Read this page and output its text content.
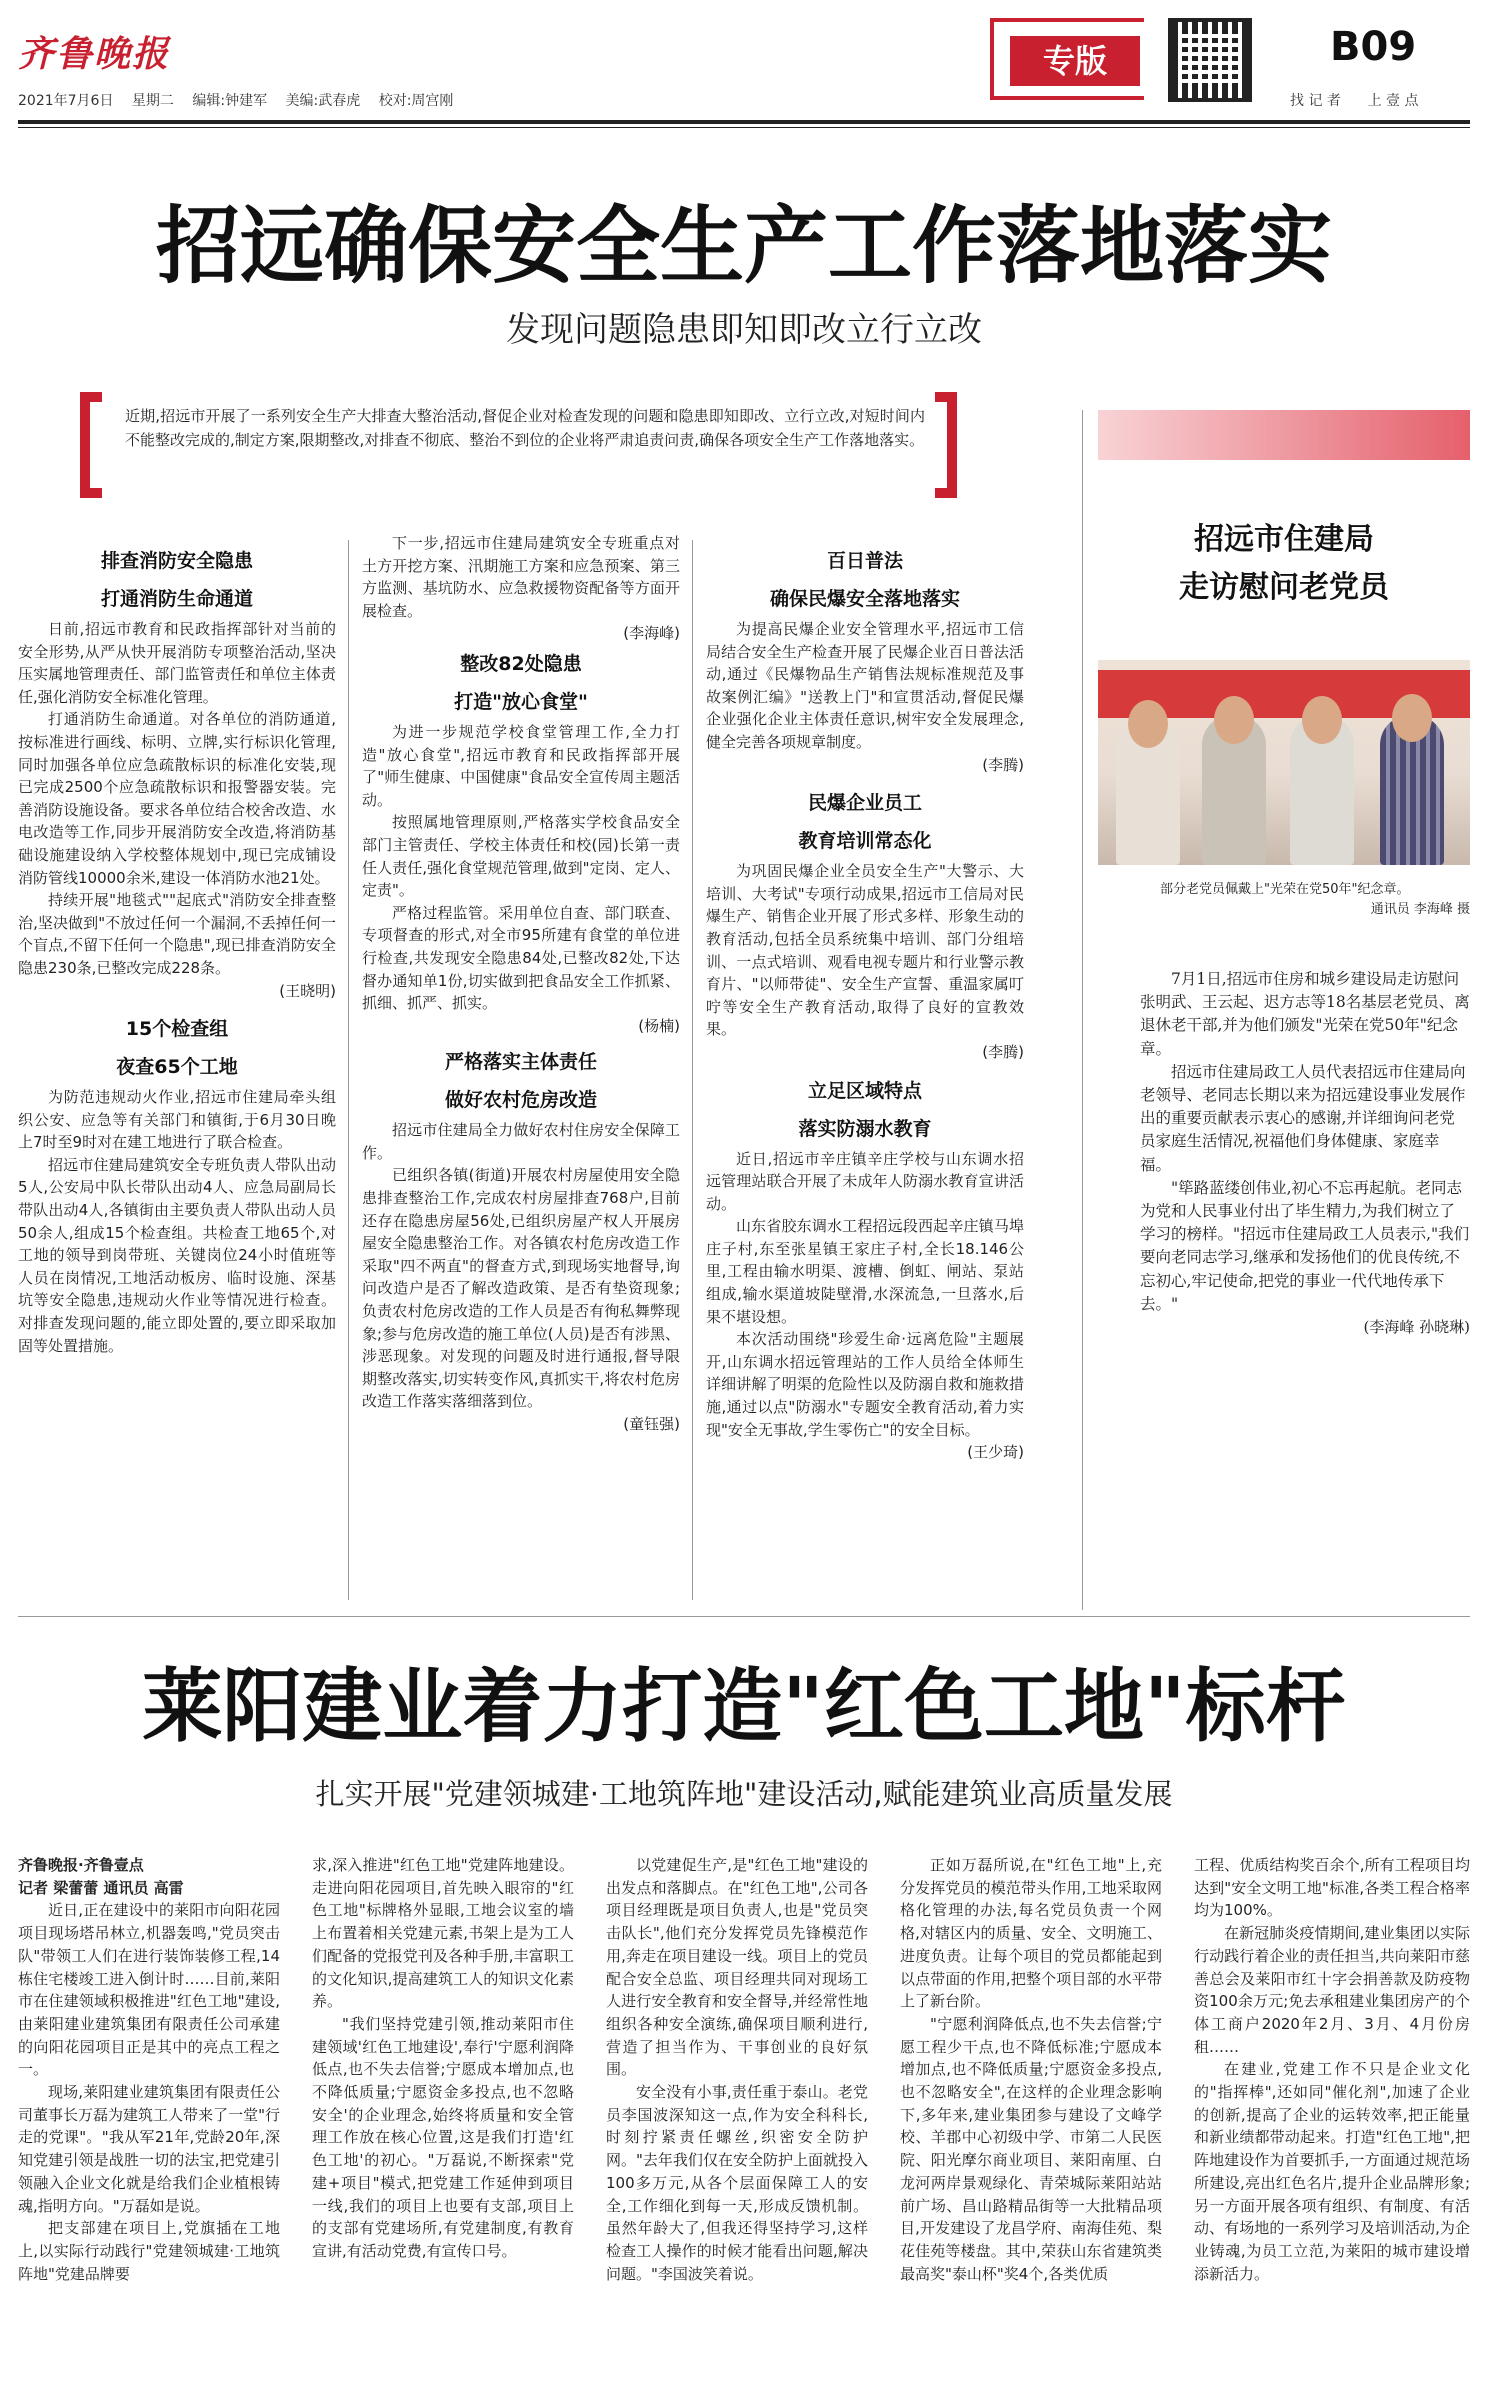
齐鲁晚报
2021年7月6日 星期二 编辑:钟建军 美编:武春虎 校对:周宫刚
专版	B09
找 记 者 上 壹 点
招远确保安全生产工作落地落实
发现问题隐患即知即改立行立改
近期,招远市开展了一系列安全生产大排查大整治活动,督促企业对检查发现的问题和隐患即知即改、立行立改,对短时间内不能整改完成的,制定方案,限期整改,对排查不彻底、整治不到位的企业将严肃追责问责,确保各项安全生产工作落地落实。

排查消防安全隐患

打通消防生命通道

日前,招远市教育和民政指挥部针对当前的安全形势,从严从快开展消防专项整治活动,坚决压实属地管理责任、部门监管责任和单位主体责任,强化消防安全标准化管理。

打通消防生命通道。对各单位的消防通道,按标准进行画线、标明、立牌,实行标识化管理,同时加强各单位应急疏散标识的标准化安装,现已完成2500个应急疏散标识和报警器安装。完善消防设施设备。要求各单位结合校舍改造、水电改造等工作,同步开展消防安全改造,将消防基础设施建设纳入学校整体规划中,现已完成铺设消防管线10000余米,建设一体消防水池21处。

持续开展"地毯式""起底式"消防安全排查整治,坚决做到"不放过任何一个漏洞,不丢掉任何一个盲点,不留下任何一个隐患",现已排查消防安全隐患230条,已整改完成228条。

(王晓明)

15个检查组

夜查65个工地

为防范违规动火作业,招远市住建局牵头组织公安、应急等有关部门和镇街,于6月30日晚上7时至9时对在建工地进行了联合检查。

招远市住建局建筑安全专班负责人带队出动5人,公安局中队长带队出动4人、应急局副局长带队出动4人,各镇街由主要负责人带队出动人员50余人,组成15个检查组。共检查工地65个,对工地的领导到岗带班、关键岗位24小时值班等人员在岗情况,工地活动板房、临时设施、深基坑等安全隐患,违规动火作业等情况进行检查。对排查发现问题的,能立即处置的,要立即采取加固等处置措施。

下一步,招远市住建局建筑安全专班重点对土方开挖方案、汛期施工方案和应急预案、第三方监测、基坑防水、应急救援物资配备等方面开展检查。

(李海峰)

整改82处隐患

打造"放心食堂"

为进一步规范学校食堂管理工作,全力打造"放心食堂",招远市教育和民政指挥部开展了"师生健康、中国健康"食品安全宣传周主题活动。

按照属地管理原则,严格落实学校食品安全部门主管责任、学校主体责任和校(园)长第一责任人责任,强化食堂规范管理,做到"定岗、定人、定责"。

严格过程监管。采用单位自查、部门联查、专项督查的形式,对全市95所建有食堂的单位进行检查,共发现安全隐患84处,已整改82处,下达督办通知单1份,切实做到把食品安全工作抓紧、抓细、抓严、抓实。

(杨楠)

严格落实主体责任

做好农村危房改造

招远市住建局全力做好农村住房安全保障工作。

已组织各镇(街道)开展农村房屋使用安全隐患排查整治工作,完成农村房屋排查768户,目前还存在隐患房屋56处,已组织房屋产权人开展房屋安全隐患整治工作。对各镇农村危房改造工作采取"四不两直"的督查方式,到现场实地督导,询问改造户是否了解改造政策、是否有垫资现象;负责农村危房改造的工作人员是否有徇私舞弊现象;参与危房改造的施工单位(人员)是否有涉黑、涉恶现象。对发现的问题及时进行通报,督导限期整改落实,切实转变作风,真抓实干,将农村危房改造工作落实落细落到位。

(童钰强)

百日普法

确保民爆安全落地落实

为提高民爆企业安全管理水平,招远市工信局结合安全生产检查开展了民爆企业百日普法活动,通过《民爆物品生产销售法规标准规范及事故案例汇编》"送教上门"和宣贯活动,督促民爆企业强化企业主体责任意识,树牢安全发展理念,健全完善各项规章制度。

(李腾)

民爆企业员工

教育培训常态化

为巩固民爆企业全员安全生产"大警示、大培训、大考试"专项行动成果,招远市工信局对民爆生产、销售企业开展了形式多样、形象生动的教育活动,包括全员系统集中培训、部门分组培训、一点式培训、观看电视专题片和行业警示教育片、"以师带徒"、安全生产宣誓、重温家属叮咛等安全生产教育活动,取得了良好的宣教效果。

(李腾)

立足区域特点

落实防溺水教育

近日,招远市辛庄镇辛庄学校与山东调水招远管理站联合开展了未成年人防溺水教育宣讲活动。

山东省胶东调水工程招远段西起辛庄镇马埠庄子村,东至张星镇王家庄子村,全长18.146公里,工程由输水明渠、渡槽、倒虹、闸站、泵站组成,输水渠道坡陡壁滑,水深流急,一旦落水,后果不堪设想。

本次活动围绕"珍爱生命·远离危险"主题展开,山东调水招远管理站的工作人员给全体师生详细讲解了明渠的危险性以及防溺自救和施救措施,通过以点"防溺水"专题安全教育活动,着力实现"安全无事故,学生零伤亡"的安全目标。

(王少琦)

招远市住建局
走访慰问老党员
部分老党员佩戴上"光荣在党50年"纪念章。
通讯员 李海峰 摄

7月1日,招远市住房和城乡建设局走访慰问张明武、王云起、迟方志等18名基层老党员、离退休老干部,并为他们颁发"光荣在党50年"纪念章。

招远市住建局政工人员代表招远市住建局向老领导、老同志长期以来为招远建设事业发展作出的重要贡献表示衷心的感谢,并详细询问老党员家庭生活情况,祝福他们身体健康、家庭幸福。

"筚路蓝缕创伟业,初心不忘再起航。老同志为党和人民事业付出了毕生精力,为我们树立了学习的榜样。"招远市住建局政工人员表示,"我们要向老同志学习,继承和发扬他们的优良传统,不忘初心,牢记使命,把党的事业一代代地传承下去。"

(李海峰 孙晓琳)

莱阳建业着力打造"红色工地"标杆
扎实开展"党建领城建·工地筑阵地"建设活动,赋能建筑业高质量发展

齐鲁晚报·齐鲁壹点

记者 梁蕾蕾 通讯员 高雷

近日,正在建设中的莱阳市向阳花园项目现场塔吊林立,机器轰鸣,"党员突击队"带领工人们在进行装饰装修工程,14栋住宅楼竣工进入倒计时……目前,莱阳市在住建领域积极推进"红色工地"建设,由莱阳建业建筑集团有限责任公司承建的向阳花园项目正是其中的亮点工程之一。

现场,莱阳建业建筑集团有限责任公司董事长万磊为建筑工人带来了一堂"行走的党课"。"我从军21年,党龄20年,深知党建引领是战胜一切的法宝,把党建引领融入企业文化就是给我们企业植根铸魂,指明方向。"万磊如是说。

把支部建在项目上,党旗插在工地上,以实际行动践行"党建领城建·工地筑阵地"党建品牌要

求,深入推进"红色工地"党建阵地建设。走进向阳花园项目,首先映入眼帘的"红色工地"标牌格外显眼,工地会议室的墙上布置着相关党建元素,书架上是为工人们配备的党报党刊及各种手册,丰富职工的文化知识,提高建筑工人的知识文化素养。

"我们坚持党建引领,推动莱阳市住建领域'红色工地建设',奉行'宁愿利润降低点,也不失去信誉;宁愿成本增加点,也不降低质量;宁愿资金多投点,也不忽略安全'的企业理念,始终将质量和安全管理工作放在核心位置,这是我们打造'红色工地'的初心。"万磊说,不断探索"党建+项目"模式,把党建工作延伸到项目一线,我们的项目上也要有支部,项目上的支部有党建场所,有党建制度,有教育宣讲,有活动党费,有宣传口号。

以党建促生产,是"红色工地"建设的出发点和落脚点。在"红色工地",公司各项目经理既是项目负责人,也是"党员突击队长",他们充分发挥党员先锋模范作用,奔走在项目建设一线。项目上的党员配合安全总监、项目经理共同对现场工人进行安全教育和安全督导,并经常性地组织各种安全演练,确保项目顺利进行,营造了担当作为、干事创业的良好氛围。

安全没有小事,责任重于泰山。老党员李国波深知这一点,作为安全科科长,时刻拧紧责任螺丝,织密安全防护网。"去年我们仅在安全防护上面就投入100多万元,从各个层面保障工人的安全,工作细化到每一天,形成反馈机制。虽然年龄大了,但我还得坚持学习,这样检查工人操作的时候才能看出问题,解决问题。"李国波笑着说。

正如万磊所说,在"红色工地"上,充分发挥党员的模范带头作用,工地采取网格化管理的办法,每名党员负责一个网格,对辖区内的质量、安全、文明施工、进度负责。让每个项目的党员都能起到以点带面的作用,把整个项目部的水平带上了新台阶。

"宁愿利润降低点,也不失去信誉;宁愿工程少干点,也不降低标准;宁愿成本增加点,也不降低质量;宁愿资金多投点,也不忽略安全",在这样的企业理念影响下,多年来,建业集团参与建设了文峰学校、羊郡中心初级中学、市第二人民医院、阳光摩尔商业项目、莱阳南厘、白龙河两岸景观绿化、青荣城际莱阳站站前广场、昌山路精品街等一大批精品项目,开发建设了龙昌学府、南海佳苑、梨花佳苑等楼盘。其中,荣获山东省建筑类最高奖"泰山杯"奖4个,各类优质

工程、优质结构奖百余个,所有工程项目均达到"安全文明工地"标准,各类工程合格率均为100%。

在新冠肺炎疫情期间,建业集团以实际行动践行着企业的责任担当,共向莱阳市慈善总会及莱阳市红十字会捐善款及防疫物资100余万元;免去承租建业集团房产的个体工商户2020年2月、3月、4月份房租……

在建业,党建工作不只是企业文化的"指挥棒",还如同"催化剂",加速了企业的创新,提高了企业的运转效率,把正能量和新业绩都带动起来。打造"红色工地",把阵地建设作为首要抓手,一方面通过规范场所建设,亮出红色名片,提升企业品牌形象;另一方面开展各项有组织、有制度、有活动、有场地的一系列学习及培训活动,为企业铸魂,为员工立范,为莱阳的城市建设增添新活力。
